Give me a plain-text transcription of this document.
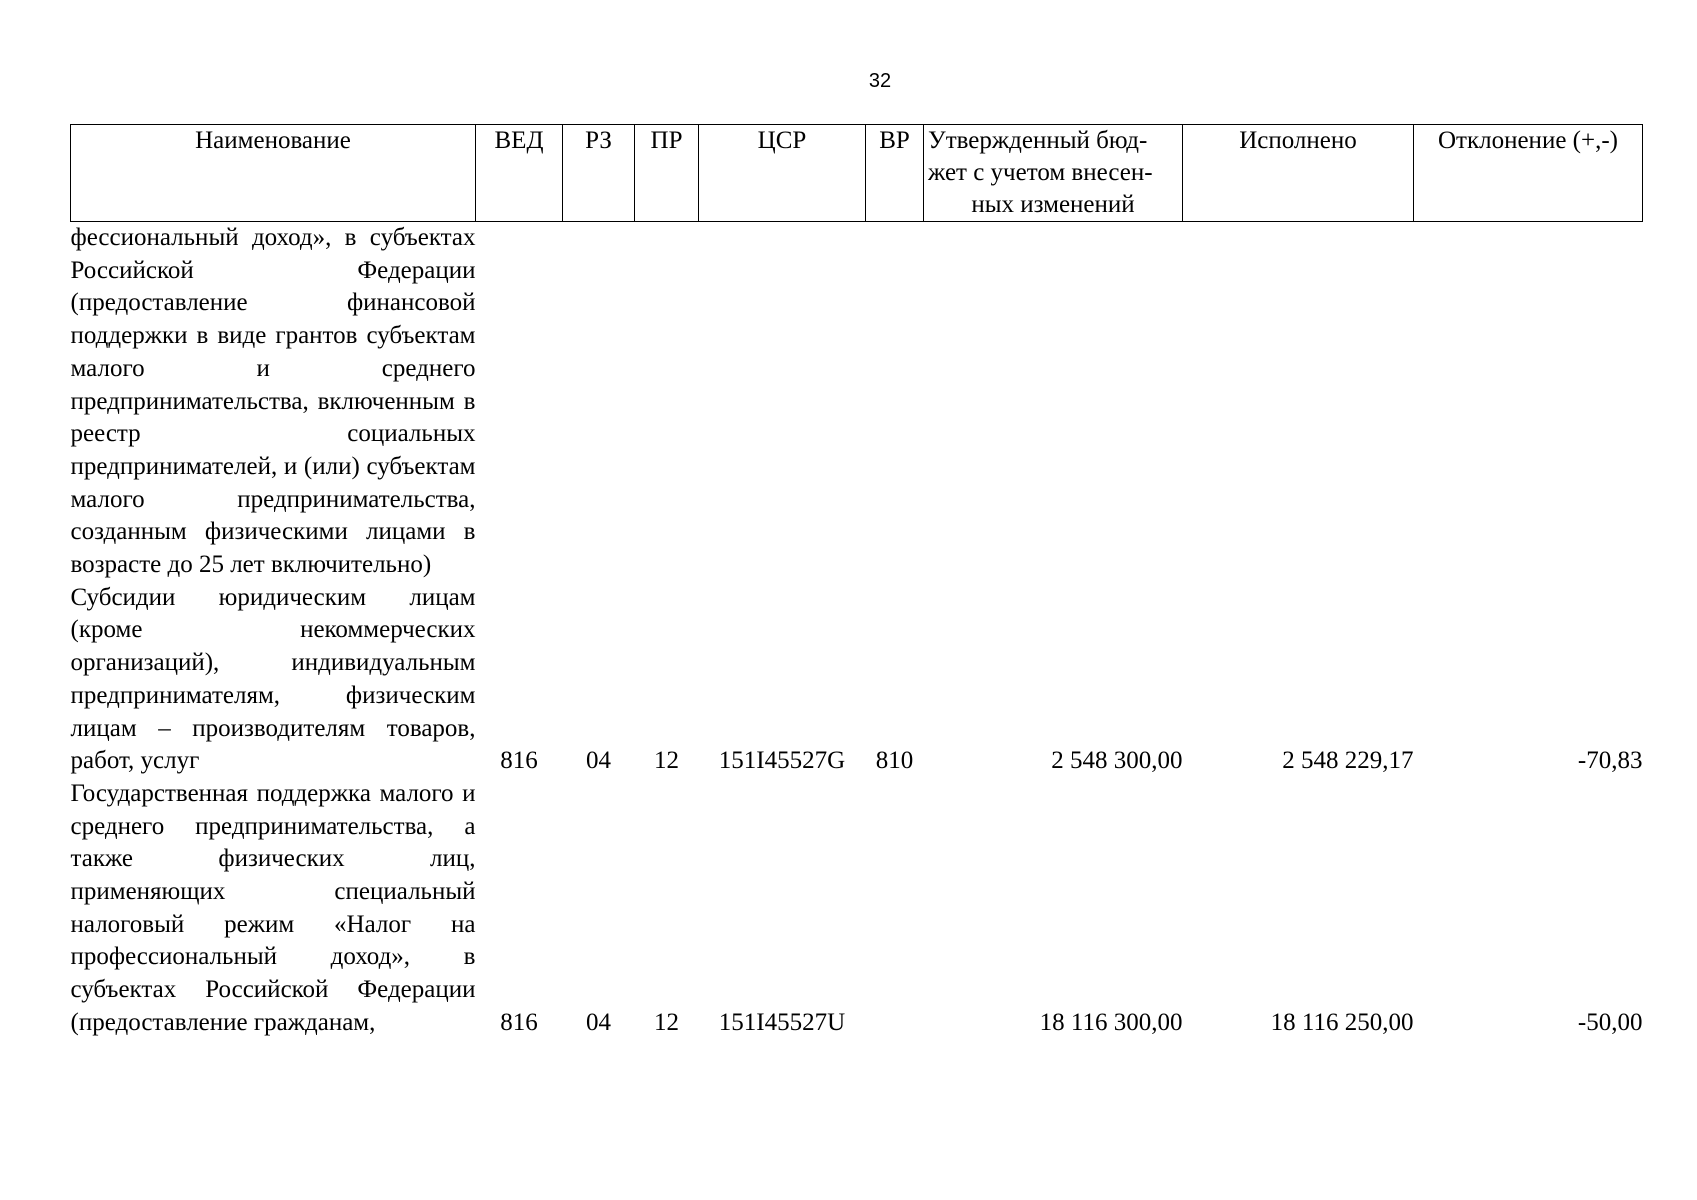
32
Наименование	ВЕД	РЗ	ПР	ЦСР	ВР	Утвержденный бюд-
жет с учетом внесен-
ных изменений	Исполнено	Отклонение (+,-)
фессиональный доход», в субъектах Российской Федерации (предоставление финансовой поддержки в виде грантов субъектам малого и среднего предпринимательства, включенным в реестр социальных предпринимателей, и (или) субъектам малого предпринимательства, созданным физическими лицами в возрасте до 25 лет включительно)								
Субсидии юридическим лицам (кроме некоммерческих организаций), индивидуальным предпринимателям, физическим лицам – производителям товаров, работ, услуг	816	04	12	151I45527G	810	2 548 300,00	2 548 229,17	-70,83
Государственная поддержка малого и среднего предпринимательства, а также физических лиц, применяющих специальный налоговый режим «Налог на профессиональный доход», в субъектах Российской Федерации (предоставление гражданам,	816	04	12	151I45527U		18 116 300,00	18 116 250,00	-50,00
